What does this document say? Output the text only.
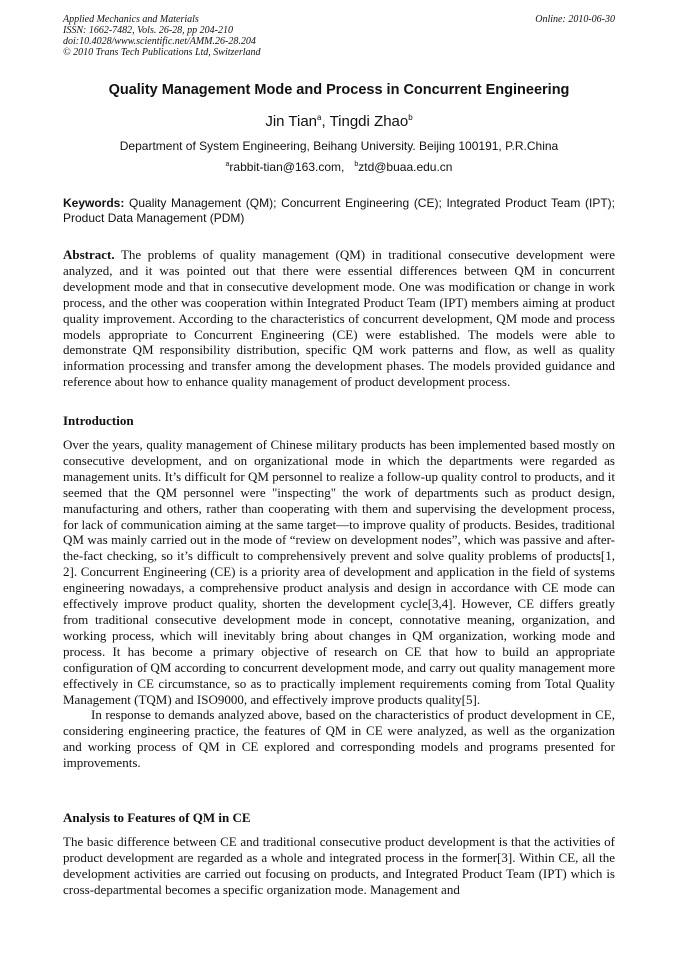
Applied Mechanics and Materials
ISSN: 1662-7482, Vols. 26-28, pp 204-210
doi:10.4028/www.scientific.net/AMM.26-28.204
© 2010 Trans Tech Publications Ltd, Switzerland
Online: 2010-06-30
Quality Management Mode and Process in Concurrent Engineering
Jin Tian$^a$, Tingdi Zhao$^b$
Department of System Engineering, Beihang University. Beijing 100191, P.R.China
$^a$rabbit-tian@163.com, $^b$ztd@buaa.edu.cn
Keywords: Quality Management (QM); Concurrent Engineering (CE); Integrated Product Team (IPT); Product Data Management (PDM)
Abstract. The problems of quality management (QM) in traditional consecutive development were analyzed, and it was pointed out that there were essential differences between QM in concurrent development mode and that in consecutive development mode. One was modification or change in work process, and the other was cooperation within Integrated Product Team (IPT) members aiming at product quality improvement. According to the characteristics of concurrent development, QM mode and process models appropriate to Concurrent Engineering (CE) were established. The models were able to demonstrate QM responsibility distribution, specific QM work patterns and flow, as well as quality information processing and transfer among the development phases. The models provided guidance and reference about how to enhance quality management of product development process.
Introduction

Over the years, quality management of Chinese military products has been implemented based mostly on consecutive development, and on organizational mode in which the departments were regarded as management units. It’s difficult for QM personnel to realize a follow-up quality control to products, and it seemed that the QM personnel were "inspecting" the work of departments such as product design, manufacturing and others, rather than cooperating with them and supervising the development process, for lack of communication aiming at the same target—to improve quality of products. Besides, traditional QM was mainly carried out in the mode of “review on development nodes”, which was passive and after-the-fact checking, so it’s difficult to comprehensively prevent and solve quality problems of products[1, 2]. Concurrent Engineering (CE) is a priority area of development and application in the field of systems engineering nowadays, a comprehensive product analysis and design in accordance with CE mode can effectively improve product quality, shorten the development cycle[3,4]. However, CE differs greatly from traditional consecutive development mode in concept, connotative meaning, organization, and working process, which will inevitably bring about changes in QM organization, working mode and process. It has become a primary objective of research on CE that how to build an appropriate configuration of QM according to concurrent development mode, and carry out quality management more effectively in CE circumstance, so as to practically implement requirements coming from Total Quality Management (TQM) and ISO9000, and effectively improve products quality[5].

In response to demands analyzed above, based on the characteristics of product development in CE, considering engineering practice, the features of QM in CE were analyzed, as well as the organization and working process of QM in CE explored and corresponding models and programs presented for improvements.

Analysis to Features of QM in CE

The basic difference between CE and traditional consecutive product development is that the activities of product development are regarded as a whole and integrated process in the former[3]. Within CE, all the development activities are carried out focusing on products, and Integrated Product Team (IPT) which is cross-departmental becomes a specific organization mode. Management and
